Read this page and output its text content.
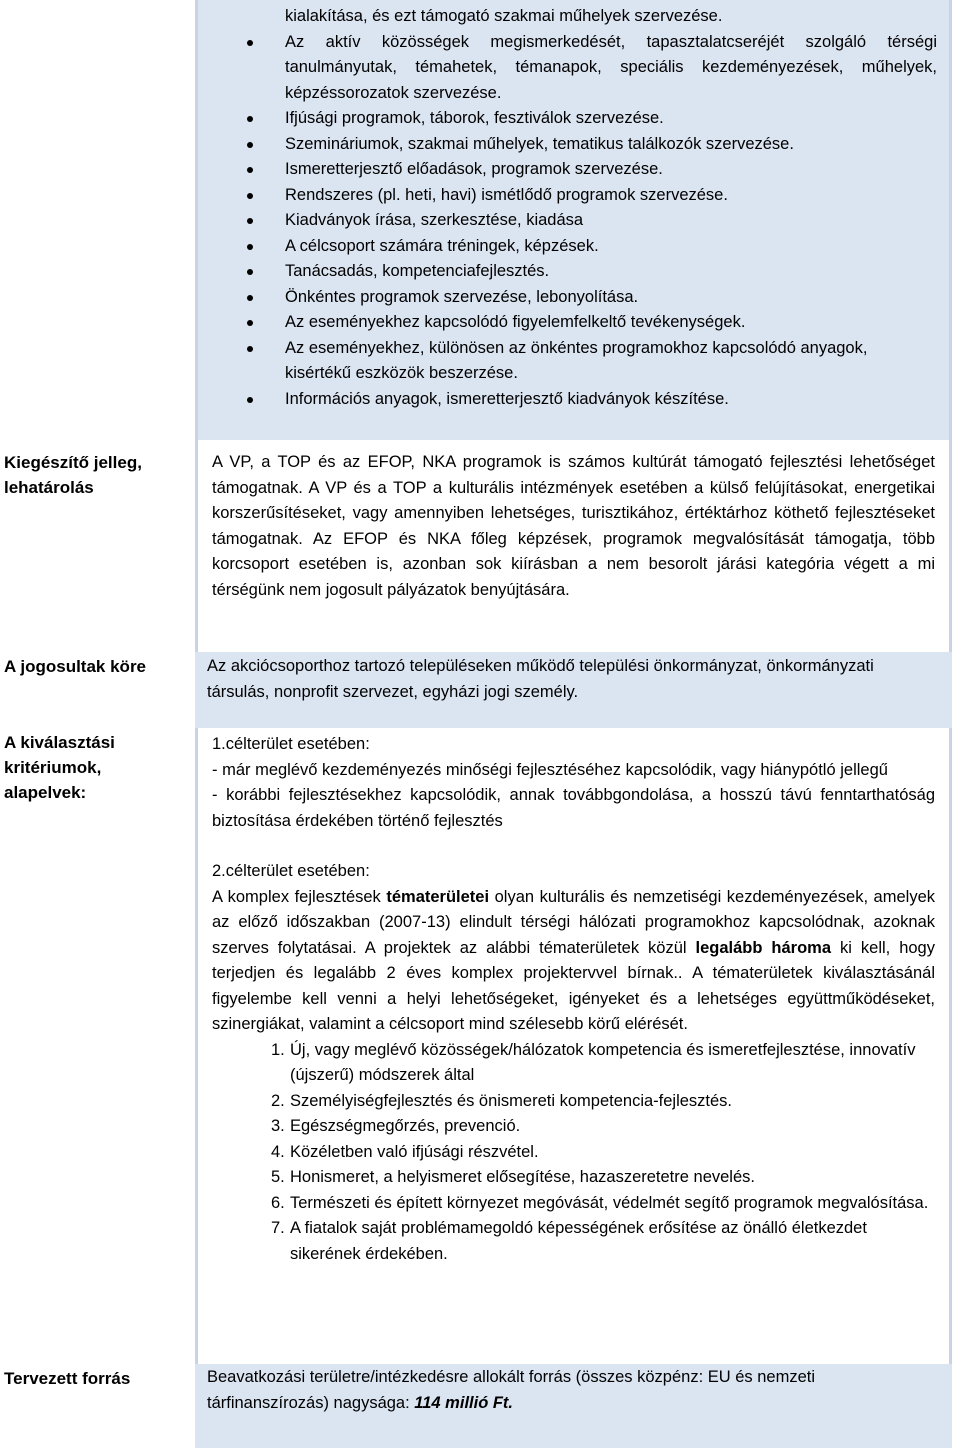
kialakítása, és ezt támogató szakmai műhelyek szervezése.
Az aktív közösségek megismerkedését, tapasztalatcseréjét szolgáló térségi tanulmányutak, témahetek, témanapok, speciális kezdeményezések, műhelyek, képzéssorozatok szervezése.
Ifjúsági programok, táborok, fesztiválok szervezése.
Szemináriumok, szakmai műhelyek, tematikus találkozók szervezése.
Ismeretterjesztő előadások, programok szervezése.
Rendszeres (pl. heti, havi) ismétlődő programok szervezése.
Kiadványok írása, szerkesztése, kiadása
A célcsoport számára tréningek, képzések.
Tanácsadás, kompetenciafejlesztés.
Önkéntes programok szervezése, lebonyolítása.
Az eseményekhez kapcsolódó figyelemfelkeltő tevékenységek.
Az eseményekhez, különösen az önkéntes programokhoz kapcsolódó anyagok, kisértékű eszközök beszerzése.
Információs anyagok, ismeretterjesztő kiadványok készítése.
Kiegészítő jelleg, lehatárolás
A VP, a TOP és az EFOP, NKA programok is számos kultúrát támogató fejlesztési lehetőséget támogatnak. A VP és a TOP a kulturális intézmények esetében a külső felújításokat, energetikai korszerűsítéseket, vagy amennyiben lehetséges, turisztikához, értéktárhoz köthető fejlesztéseket támogatnak. Az EFOP és NKA főleg képzések, programok megvalósítását támogatja, több korcsoport esetében is, azonban sok kiírásban a nem besorolt járási kategória végett a mi térségünk nem jogosult pályázatok benyújtására.
A jogosultak köre	Az akciócsoporthoz tartozó településeken működő települési önkormányzat, önkormányzati társulás, nonprofit szervezet, egyházi jogi személy.
A kiválasztási kritériumok, alapelvek:
1.célterület esetében:
- már meglévő kezdeményezés minőségi fejlesztéséhez kapcsolódik, vagy hiánypótló jellegű
- korábbi fejlesztésekhez kapcsolódik, annak továbbgondolása, a hosszú távú fenntarthatóság biztosítása érdekében történő fejlesztés
2.célterület esetében:
A komplex fejlesztések tématerületei olyan kulturális és nemzetiségi kezdeményezések, amelyek az előző időszakban (2007-13) elindult térségi hálózati programokhoz kapcsolódnak, azoknak szerves folytatásai. A projektek az alábbi tématerületek közül legalább hároma ki kell, hogy terjedjen és legalább 2 éves komplex projektervvel bírnak.. A tématerületek kiválasztásánál figyelembe kell venni a helyi lehetőségeket, igényeket és a lehetséges együttműködéseket, szinergiákat, valamint a célcsoport mind szélesebb körű elérését.
1. Új, vagy meglévő közösségek/hálózatok kompetencia és ismeretfejlesztése, innovatív (újszerű) módszerek által
2. Személyiségfejlesztés és önismereti kompetencia-fejlesztés.
3. Egészségmegőrzés, prevenció.
4. Közéletben való ifjúsági részvétel.
5. Honismeret, a helyismeret elősegítése, hazaszeretetre nevelés.
6. Természeti és épített környezet megóvását, védelmét segítő programok megvalósítása.
7. A fiatalok saját problémamegoldó képességének erősítése az önálló életkezdet sikerének érdekében.
Tervezett forrás	Beavatkozási területre/intézkedésre allokált forrás (összes közpénz: EU és nemzeti tárfinanszírozás) nagysága: 114 millió Ft.
